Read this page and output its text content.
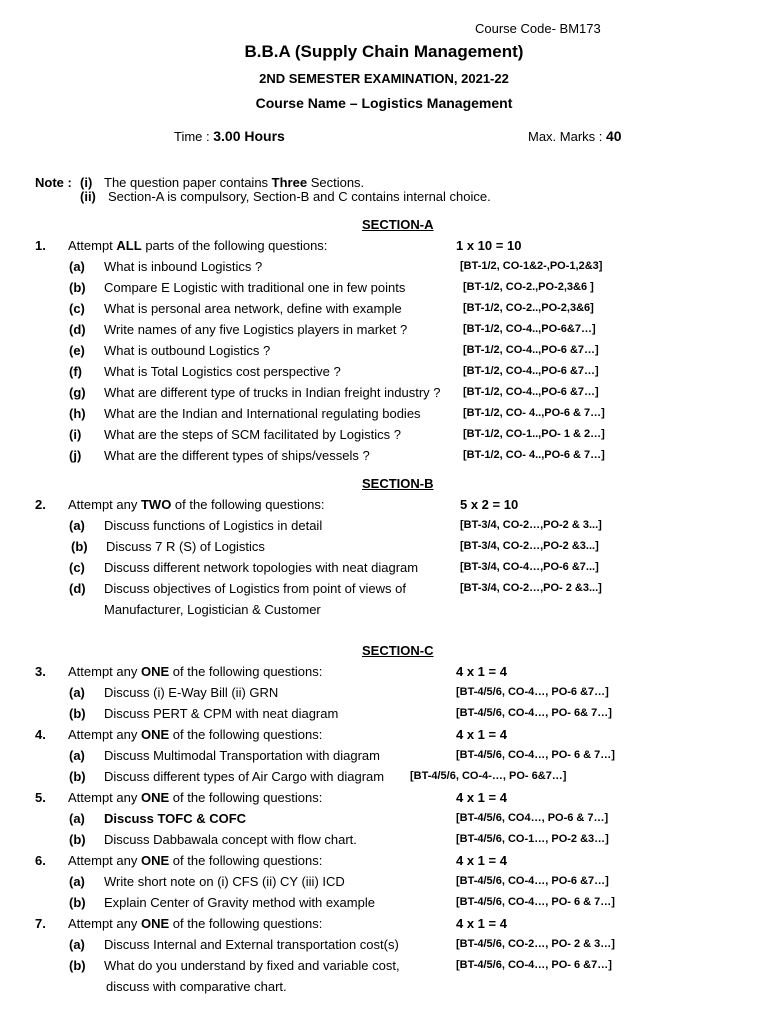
Course Code- BM173
B.B.A (Supply Chain Management)
2ND SEMESTER EXAMINATION, 2021-22
Course Name – Logistics Management
Time : 3.00 Hours	Max. Marks : 40
Note : (i) The question paper contains Three Sections.
(ii) Section-A is compulsory, Section-B and C contains internal choice.
SECTION-A
1. Attempt ALL parts of the following questions:	1 x 10 = 10
(a) What is inbound Logistics ?	[BT-1/2, CO-1&2-,PO-1,2&3]
(b) Compare E Logistic with traditional one in few points	[BT-1/2, CO-2.,PO-2,3&6 ]
(c) What is personal area network, define with example	[BT-1/2, CO-2..,PO-2,3&6]
(d) Write names of any five Logistics players in market ?	[BT-1/2, CO-4..,PO-6&7…]
(e) What is outbound Logistics ?	[BT-1/2, CO-4..,PO-6 &7…]
(f) What is Total Logistics cost perspective ?	[BT-1/2, CO-4..,PO-6 &7…]
(g) What are different type of trucks in Indian freight industry ? [BT-1/2, CO-4..,PO-6 &7…]
(h) What are the Indian and International regulating bodies	[BT-1/2, CO- 4..,PO-6 & 7…]
(i) What are the steps of SCM facilitated by Logistics ?	[BT-1/2, CO-1..,PO- 1 & 2…]
(j) What are the different types of ships/vessels ?	[BT-1/2, CO- 4..,PO-6 & 7…]
SECTION-B
2. Attempt any TWO of the following questions:	5 x 2 = 10
(a) Discuss functions of Logistics in detail	[BT-3/4, CO-2…,PO-2 & 3...]
(b) Discuss 7 R (S) of Logistics	[BT-3/4, CO-2…,PO-2 &3...]
(c) Discuss different network topologies with neat diagram	[BT-3/4, CO-4…,PO-6 &7...]
(d) Discuss objectives of Logistics from point of views of
Manufacturer, Logistician & Customer
[BT-3/4, CO-2…,PO- 2 &3...]
SECTION-C
3. Attempt any ONE of the following questions:	4 x 1 = 4
(a) Discuss (i) E-Way Bill (ii) GRN	[BT-4/5/6, CO-4…, PO-6 &7…]
(b) Discuss PERT & CPM with neat diagram	[BT-4/5/6, CO-4…, PO- 6& 7…]
4. Attempt any ONE of the following questions:	4 x 1 = 4
(a) Discuss Multimodal Transportation with diagram	[BT-4/5/6, CO-4…, PO- 6 & 7…]
(b) Discuss different types of Air Cargo with diagram [BT-4/5/6, CO-4-…, PO- 6&7…]
5. Attempt any ONE of the following questions:	4 x 1 = 4
(a) Discuss TOFC & COFC	[BT-4/5/6, CO4…, PO-6 & 7…]
(b) Discuss Dabbawala concept with flow chart.	[BT-4/5/6, CO-1…, PO-2 &3…]
6. Attempt any ONE of the following questions:	4 x 1 = 4
(a) Write short note on (i) CFS (ii) CY (iii) ICD	[BT-4/5/6, CO-4…, PO-6 &7…]
(b) Explain Center of Gravity method with example	[BT-4/5/6, CO-4…, PO- 6 & 7…]
7. Attempt any ONE of the following questions:	4 x 1 = 4
(a) Discuss Internal and External transportation cost(s)	[BT-4/5/6, CO-2…, PO- 2 & 3…]
(b) What do you understand by fixed and variable cost,
discuss with comparative chart.
[BT-4/5/6, CO-4…, PO- 6 &7…]
